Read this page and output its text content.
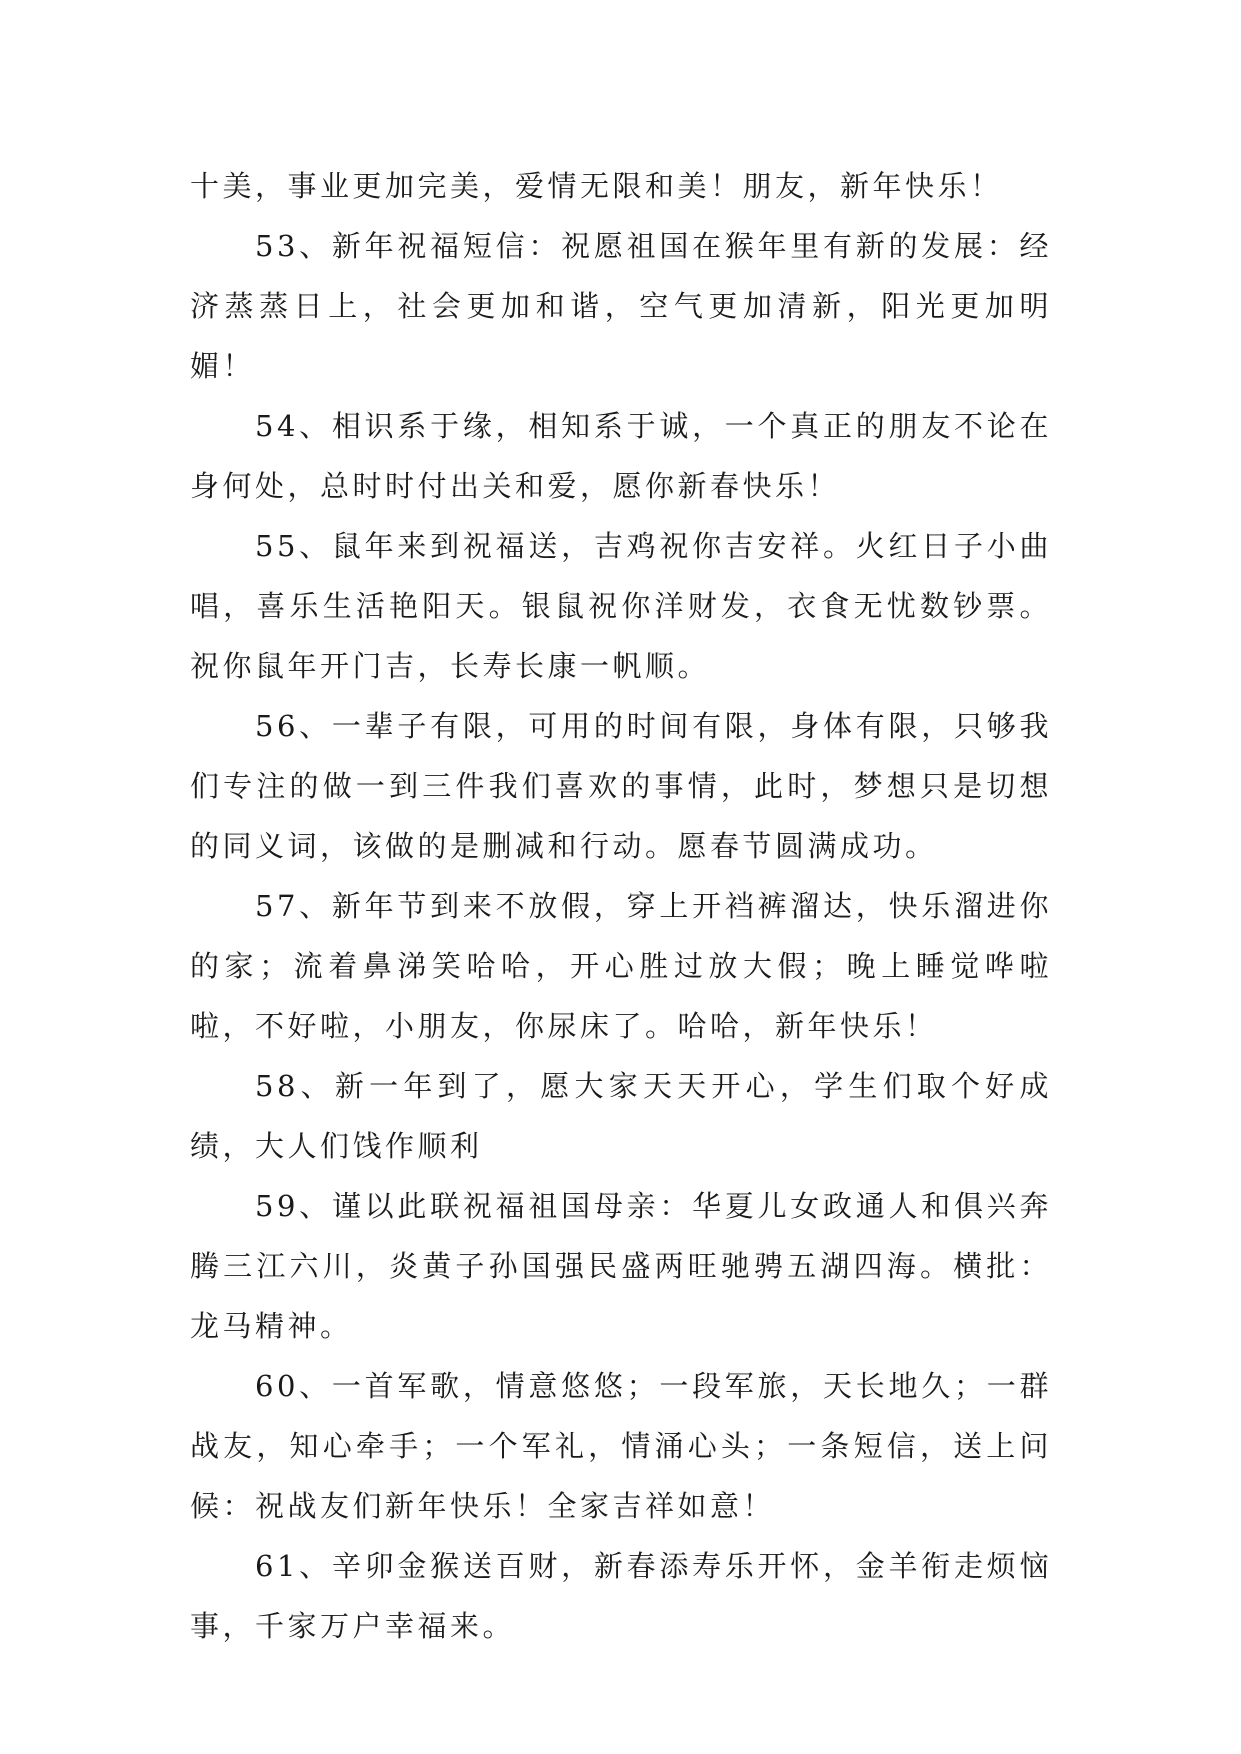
十美，事业更加完美，爱情无限和美！朋友，新年快乐！

53、新年祝福短信：祝愿祖国在猴年里有新的发展：经济蒸蒸日上，社会更加和谐，空气更加清新，阳光更加明媚！

54、相识系于缘，相知系于诚，一个真正的朋友不论在身何处，总时时付出关和爱，愿你新春快乐！

55、鼠年来到祝福送，吉鸡祝你吉安祥。火红日子小曲唱，喜乐生活艳阳天。银鼠祝你洋财发，衣食无忧数钞票。祝你鼠年开门吉，长寿长康一帆顺。

56、一辈子有限，可用的时间有限，身体有限，只够我们专注的做一到三件我们喜欢的事情，此时，梦想只是切想的同义词，该做的是删减和行动。愿春节圆满成功。

57、新年节到来不放假，穿上开裆裤溜达，快乐溜进你的家；流着鼻涕笑哈哈，开心胜过放大假；晚上睡觉哗啦啦，不好啦，小朋友，你尿床了。哈哈，新年快乐！

58、新一年到了，愿大家天天开心，学生们取个好成绩，大人们饯作顺利

59、谨以此联祝福祖国母亲：华夏儿女政通人和俱兴奔腾三江六川，炎黄子孙国强民盛两旺驰骋五湖四海。横批：龙马精神。

60、一首军歌，情意悠悠；一段军旅，天长地久；一群战友，知心牵手；一个军礼，情涌心头；一条短信，送上问候：祝战友们新年快乐！全家吉祥如意！

61、辛卯金猴送百财，新春添寿乐开怀，金羊衔走烦恼事，千家万户幸福来。
